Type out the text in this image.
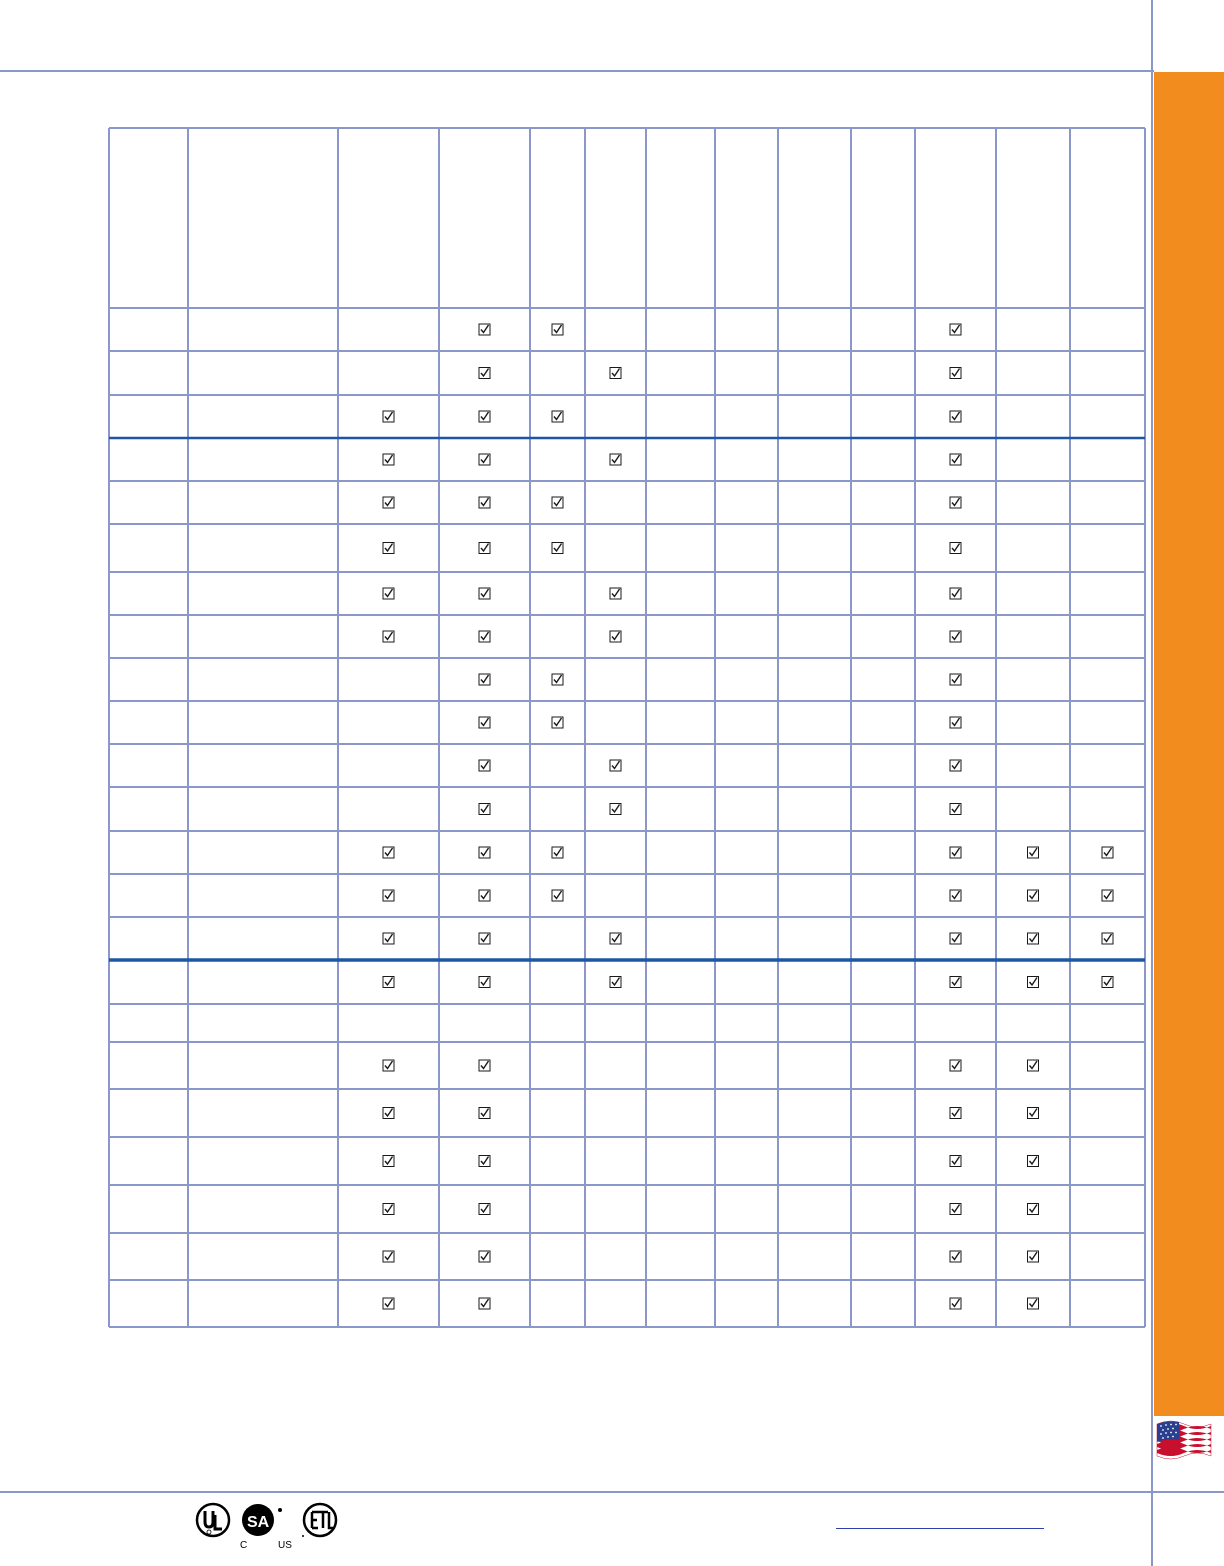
SA
C	US
